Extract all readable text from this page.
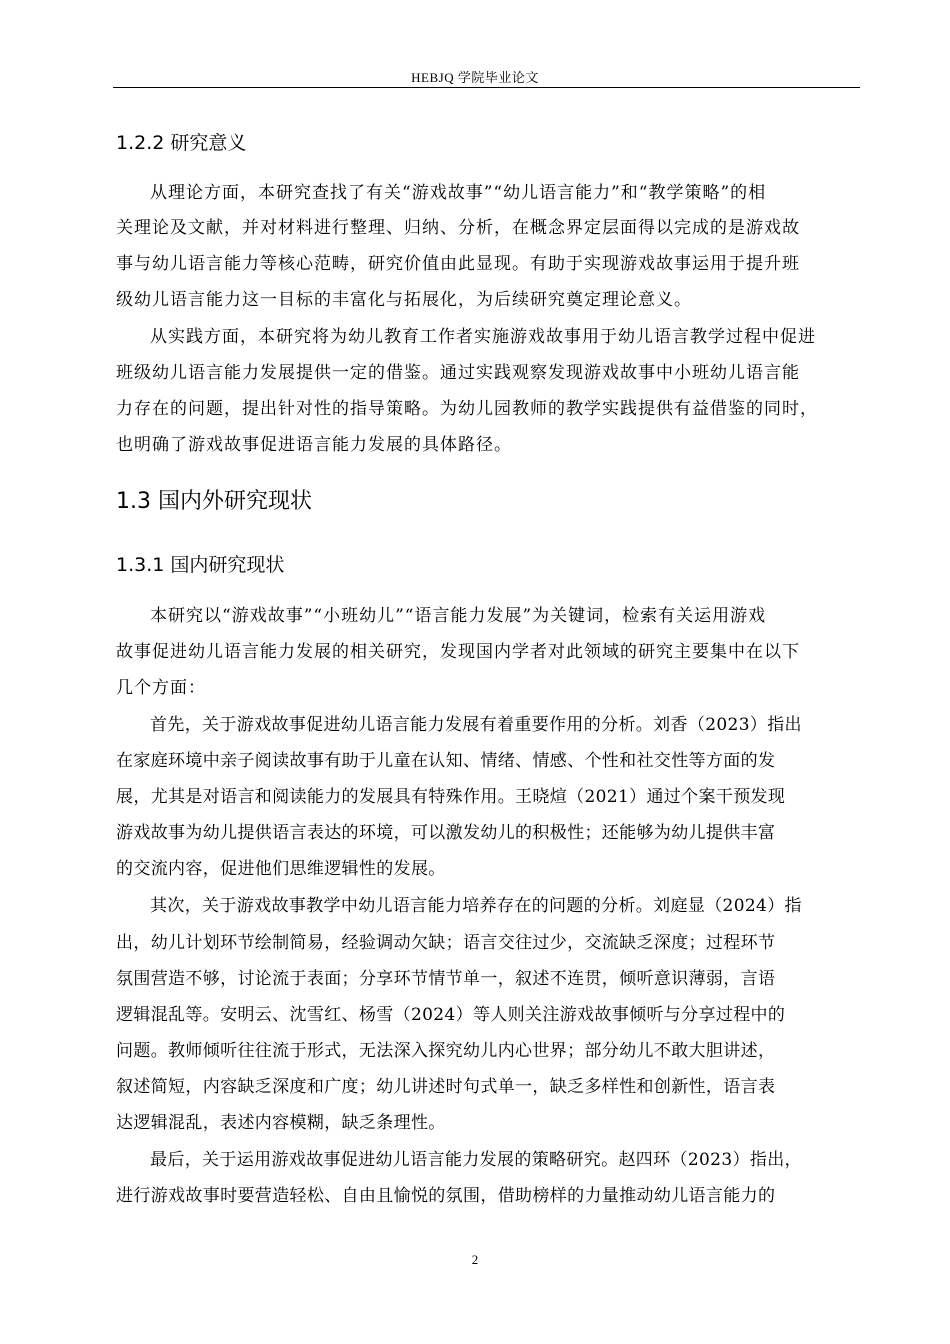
HEBJQ 学院毕业论文
1.2.2 研究意义
从理论方面，本研究查找了有关“游戏故事”“幼儿语言能力”和“教学策略”的相
关理论及文献，并对材料进行整理、归纳、分析，在概念界定层面得以完成的是游戏故
事与幼儿语言能力等核心范畴，研究价值由此显现。有助于实现游戏故事运用于提升班
级幼儿语言能力这一目标的丰富化与拓展化，为后续研究奠定理论意义。
从实践方面，本研究将为幼儿教育工作者实施游戏故事用于幼儿语言教学过程中促进
班级幼儿语言能力发展提供一定的借鉴。通过实践观察发现游戏故事中小班幼儿语言能
力存在的问题，提出针对性的指导策略。为幼儿园教师的教学实践提供有益借鉴的同时，
也明确了游戏故事促进语言能力发展的具体路径。
1.3 国内外研究现状
1.3.1 国内研究现状
本研究以“游戏故事”“小班幼儿”“语言能力发展”为关键词，检索有关运用游戏
故事促进幼儿语言能力发展的相关研究，发现国内学者对此领域的研究主要集中在以下
几个方面：
首先，关于游戏故事促进幼儿语言能力发展有着重要作用的分析。刘香（2023）指出
在家庭环境中亲子阅读故事有助于儿童在认知、情绪、情感、个性和社交性等方面的发
展，尤其是对语言和阅读能力的发展具有特殊作用。王晓煊（2021）通过个案干预发现
游戏故事为幼儿提供语言表达的环境，可以激发幼儿的积极性；还能够为幼儿提供丰富
的交流内容，促进他们思维逻辑性的发展。
其次，关于游戏故事教学中幼儿语言能力培养存在的问题的分析。刘庭显（2024）指
出，幼儿计划环节绘制简易，经验调动欠缺；语言交往过少，交流缺乏深度；过程环节
氛围营造不够，讨论流于表面；分享环节情节单一，叙述不连贯，倾听意识薄弱，言语
逻辑混乱等。安明云、沈雪红、杨雪（2024）等人则关注游戏故事倾听与分享过程中的
问题。教师倾听往往流于形式，无法深入探究幼儿内心世界；部分幼儿不敢大胆讲述，
叙述简短，内容缺乏深度和广度；幼儿讲述时句式单一，缺乏多样性和创新性，语言表
达逻辑混乱，表述内容模糊，缺乏条理性。
最后，关于运用游戏故事促进幼儿语言能力发展的策略研究。赵四环（2023）指出，
进行游戏故事时要营造轻松、自由且愉悦的氛围，借助榜样的力量推动幼儿语言能力的
2
